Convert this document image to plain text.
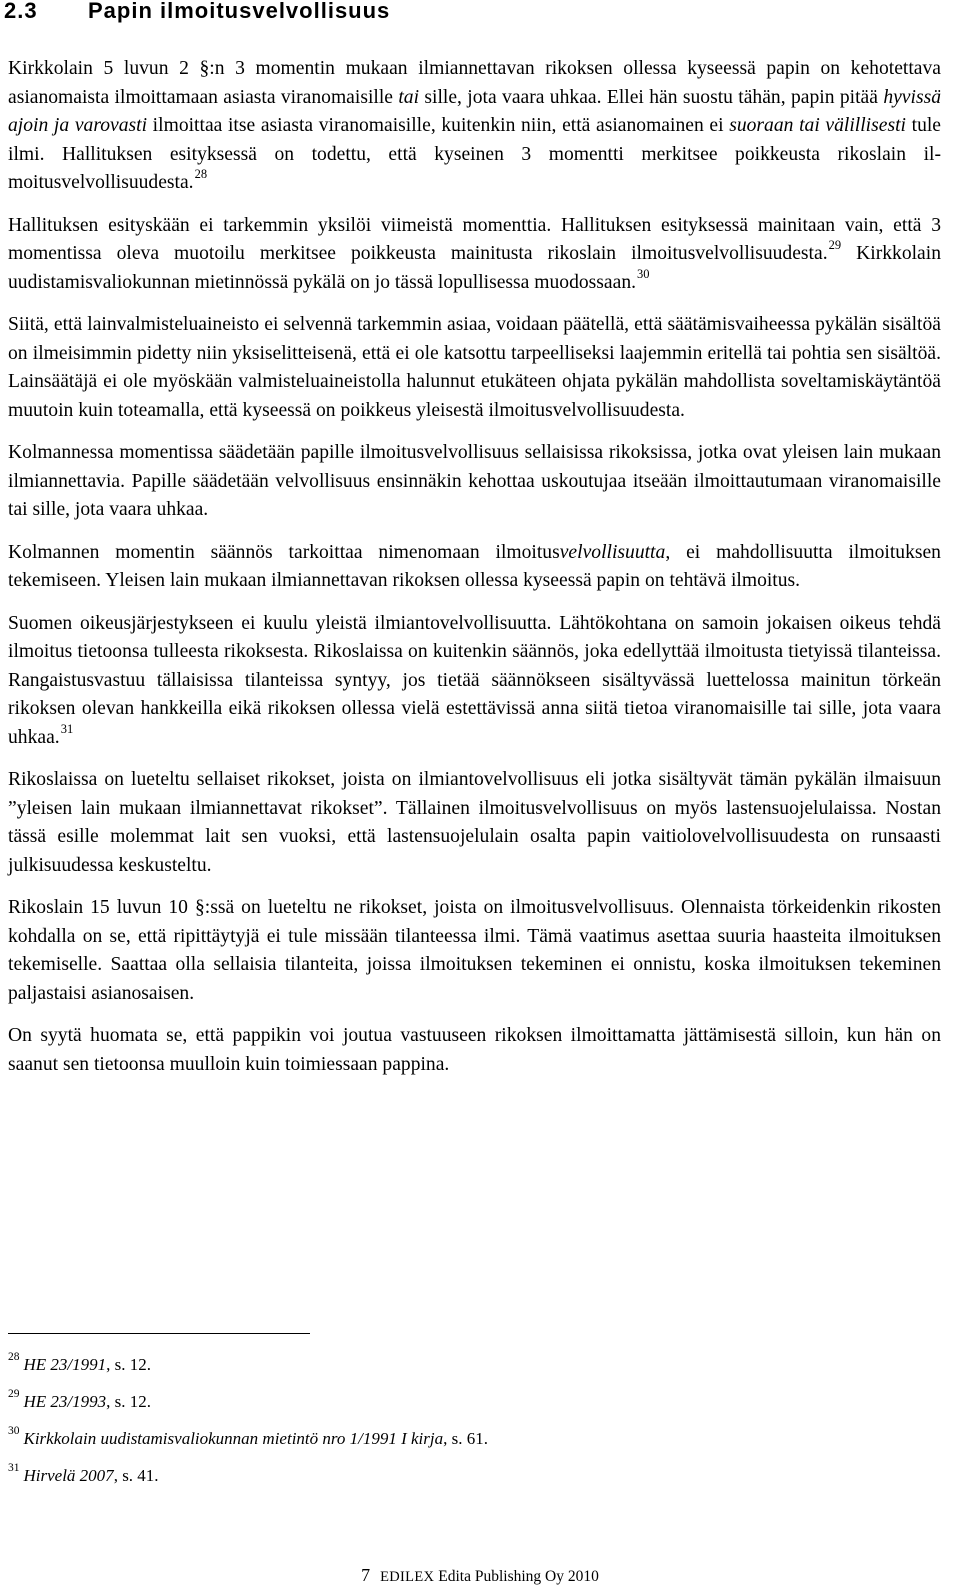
2.3 Papin ilmoitusvelvollisuus

Kirkkolain 5 luvun 2 §:n 3 momentin mukaan ilmiannettavan rikoksen ollessa kyseessä papin on kehotettava asianomaista ilmoittamaan asiasta viranomaisille tai sille, jota vaara uhkaa. Ellei hän suostu tähän, papin pitää hyvissä ajoin ja varovasti ilmoittaa itse asiasta viranomaisille, kuitenkin niin, että asianomainen ei suoraan tai välillisesti tule ilmi. Hallituksen esityksessä on todettu, että kyseinen 3 momentti merkitsee poikkeusta rikoslain ilmoitusvelvollisuudesta.$^{28}$

Hallituksen esityskään ei tarkemmin yksilöi viimeistä momenttia. Hallituksen esityksessä mainitaan vain, että 3 momentissa oleva muotoilu merkitsee poikkeusta mainitusta rikoslain ilmoitusvelvollisuudesta.$^{29}$ Kirkkolain uudistamisvaliokunnan mietinnössä pykälä on jo tässä lopullisessa muodossaan.$^{30}$

Siitä, että lainvalmisteluaineisto ei selvennä tarkemmin asiaa, voidaan päätellä, että säätämisvaiheessa pykälän sisältöä on ilmeisimmin pidetty niin yksiselitteisenä, että ei ole katsottu tarpeelliseksi laajemmin eritellä tai pohtia sen sisältöä. Lainsäätäjä ei ole myöskään valmisteluaineistolla halunnut etukäteen ohjata pykälän mahdollista soveltamiskäytäntöä muutoin kuin toteamalla, että kyseessä on poikkeus yleisestä ilmoitusvelvollisuudesta.

Kolmannessa momentissa säädetään papille ilmoitusvelvollisuus sellaisissa rikoksissa, jotka ovat yleisen lain mukaan ilmiannettavia. Papille säädetään velvollisuus ensinnäkin kehottaa uskoutujaa itseään ilmoittautumaan viranomaisille tai sille, jota vaara uhkaa.

Kolmannen momentin säännös tarkoittaa nimenomaan ilmoitusvelvollisuutta, ei mahdollisuutta ilmoituksen tekemiseen. Yleisen lain mukaan ilmiannettavan rikoksen ollessa kyseessä papin on tehtävä ilmoitus.

Suomen oikeusjärjestykseen ei kuulu yleistä ilmiantovelvollisuutta. Lähtökohtana on samoin jokaisen oikeus tehdä ilmoitus tietoonsa tulleesta rikoksesta. Rikoslaissa on kuitenkin säännös, joka edellyttää ilmoitusta tietyissä tilanteissa. Rangaistusvastuu tällaisissa tilanteissa syntyy, jos tietää säännökseen sisältyvässä luettelossa mainitun törkeän rikoksen olevan hankkeilla eikä rikoksen ollessa vielä estettävissä anna siitä tietoa viranomaisille tai sille, jota vaara uhkaa.$^{31}$

Rikoslaissa on lueteltu sellaiset rikokset, joista on ilmiantovelvollisuus eli jotka sisältyvät tämän pykälän ilmaisuun ”yleisen lain mukaan ilmiannettavat rikokset”. Tällainen ilmoitusvelvollisuus on myös lastensuojelulaissa. Nostan tässä esille molemmat lait sen vuoksi, että lastensuojelulain osalta papin vaitiolovelvollisuudesta on runsaasti julkisuudessa keskusteltu.

Rikoslain 15 luvun 10 §:ssä on lueteltu ne rikokset, joista on ilmoitusvelvollisuus. Olennaista törkeidenkin rikosten kohdalla on se, että ripittäytyjä ei tule missään tilanteessa ilmi. Tämä vaatimus asettaa suuria haasteita ilmoituksen tekemiselle. Saattaa olla sellaisia tilanteita, joissa ilmoituksen tekeminen ei onnistu, koska ilmoituksen tekeminen paljastaisi asianosaisen.

On syytä huomata se, että pappikin voi joutua vastuuseen rikoksen ilmoittamatta jättämisestä silloin, kun hän on saanut sen tietoonsa muulloin kuin toimiessaan pappina.

$^{28}$ HE 23/1991, s. 12.
$^{29}$ HE 23/1993, s. 12.
$^{30}$ Kirkkolain uudistamisvaliokunnan mietintö nro 1/1991 I kirja, s. 61.
$^{31}$ Hirvelä 2007, s. 41.
7 EDILEX Edita Publishing Oy 2010
